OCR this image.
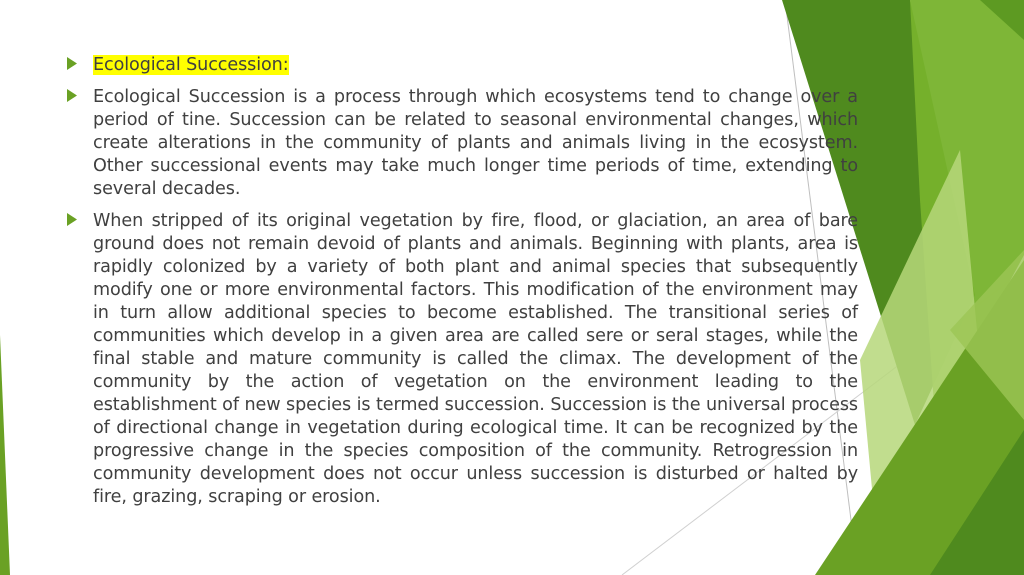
Ecological Succession:
Ecological Succession is a process through which ecosystems tend to change over a period of tine. Succession can be related to seasonal environmental changes, which create alterations in the community of plants and animals living in the ecosystem. Other successional events may take much longer time periods of time, extending to several decades.
When stripped of its original vegetation by fire, flood, or glaciation, an area of bare ground does not remain devoid of plants and animals. Beginning with plants, area is rapidly colonized by a variety of both plant and animal species that subsequently modify one or more environmental factors. This modification of the environment may in turn allow additional species to become established. The transitional series of communities which develop in a given area are called sere or seral stages, while the final stable and mature community is called the climax. The development of the community by the action of vegetation on the environment leading to the establishment of new species is termed succession. Succession is the universal process of directional change in vegetation during ecological time. It can be recognized by the progressive change in the species composition of the community. Retrogression in community development does not occur unless succession is disturbed or halted by fire, grazing, scraping or erosion.
